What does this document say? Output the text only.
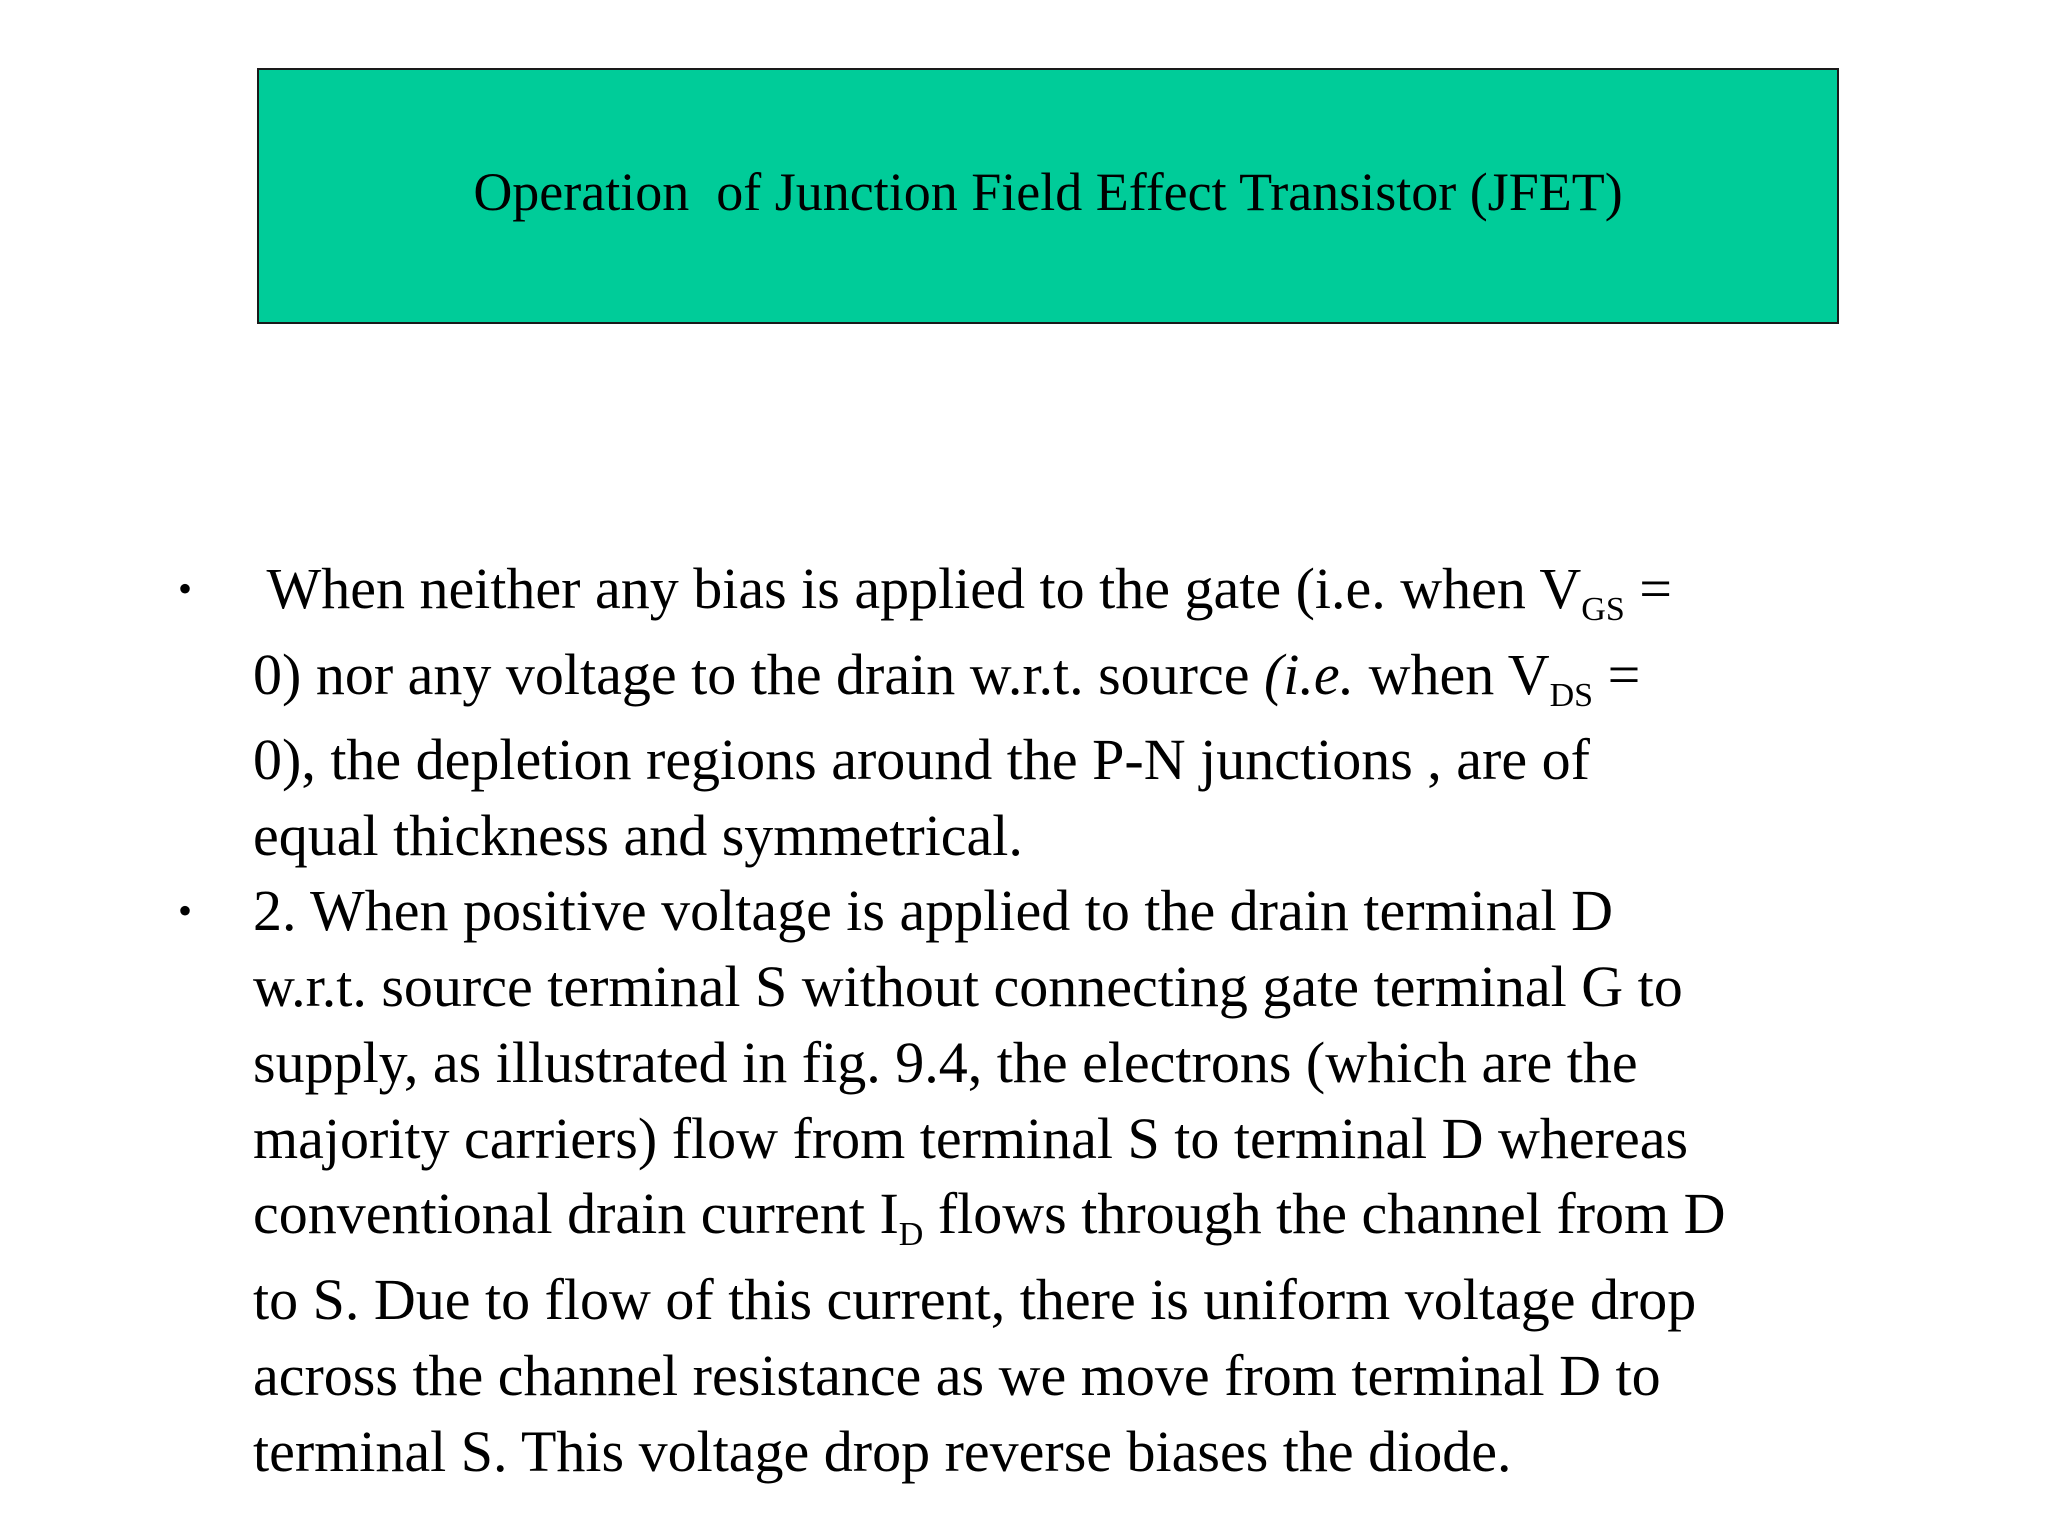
Operation  of Junction Field Effect Transistor (JFET)
• When neither any bias is applied to the gate (i.e. when $V_{GS}$ =
0) nor any voltage to the drain w.r.t. source (i.e. when $V_{DS}$ =
0), the depletion regions around the P-N junctions , are of
equal thickness and symmetrical.
• 2. When positive voltage is applied to the drain terminal D
w.r.t. source terminal S without connecting gate terminal G to
supply, as illustrated in fig. 9.4, the electrons (which are the
majority carriers) flow from terminal S to terminal D whereas
conventional drain current $I_D$ flows through the channel from D
to S. Due to flow of this current, there is uniform voltage drop
across the channel resistance as we move from terminal D to
terminal S. This voltage drop reverse biases the diode.
